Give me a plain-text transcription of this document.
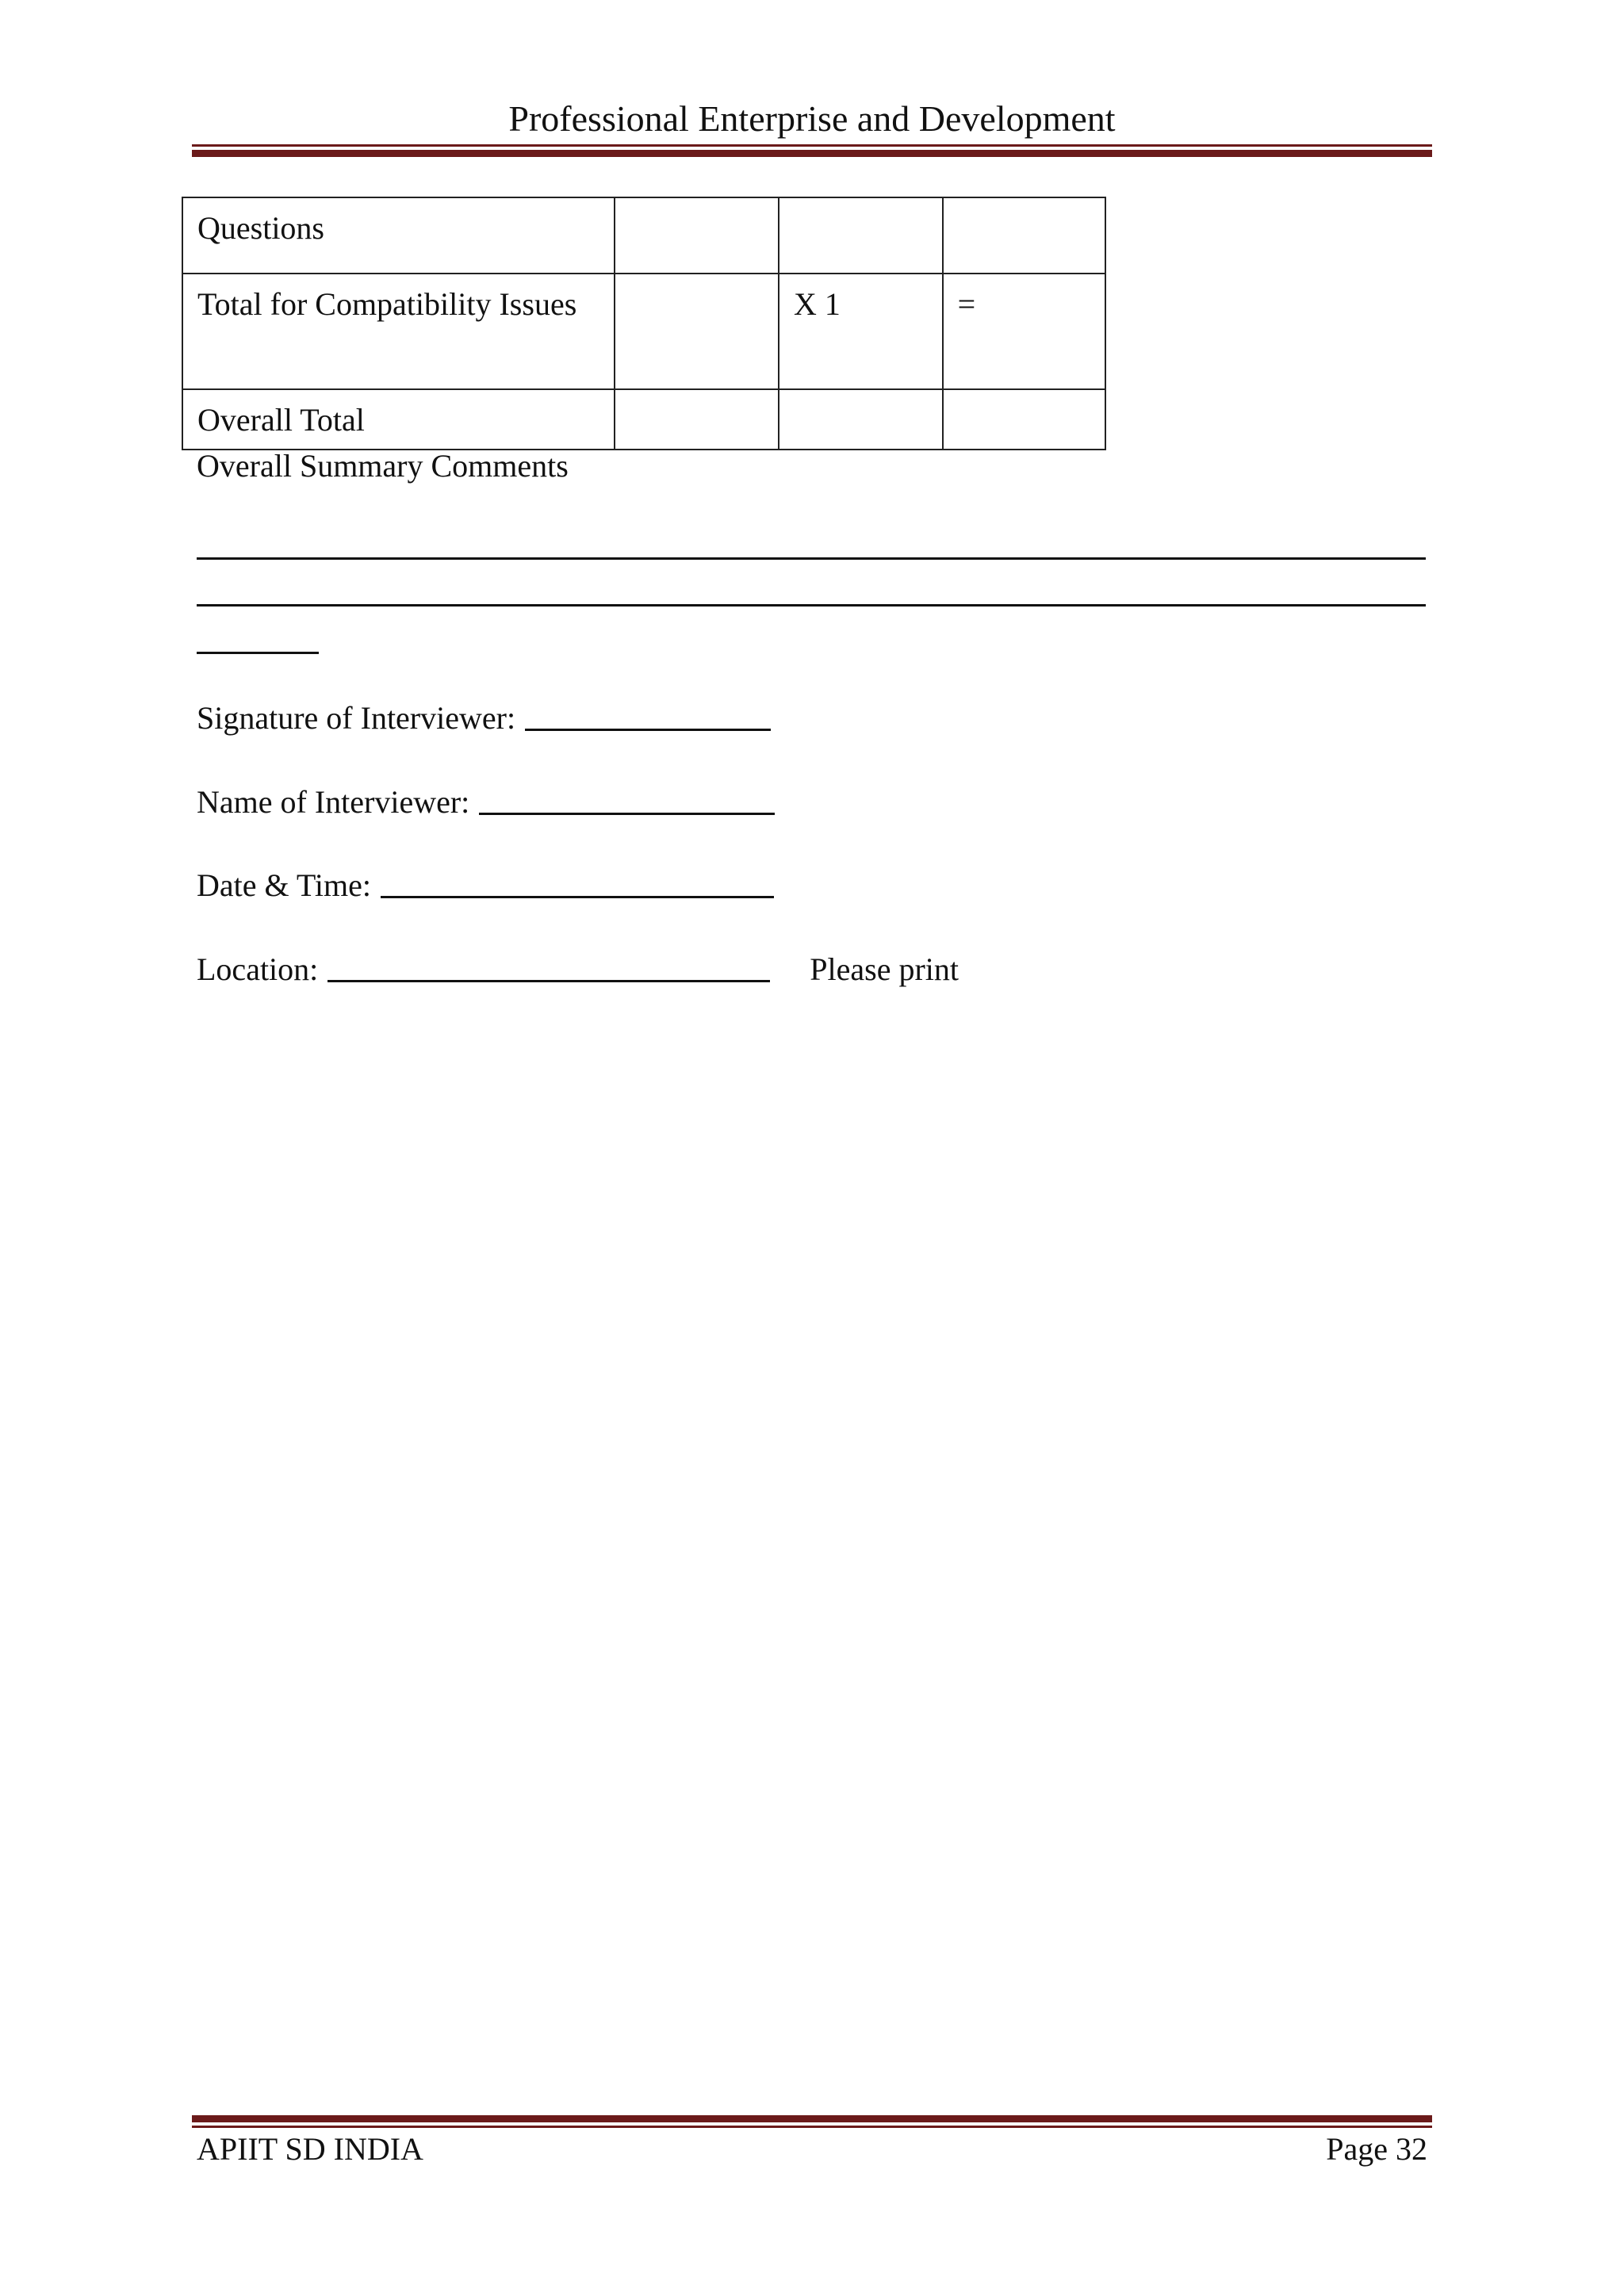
Professional Enterprise and Development
Questions			

Total for Compatibility Issues		X 1	=

Overall Total			

Overall Summary Comments
Signature of Interviewer:
Name of Interviewer:
Date & Time:
Location:	Please print
APIIT SD INDIA	Page 32
